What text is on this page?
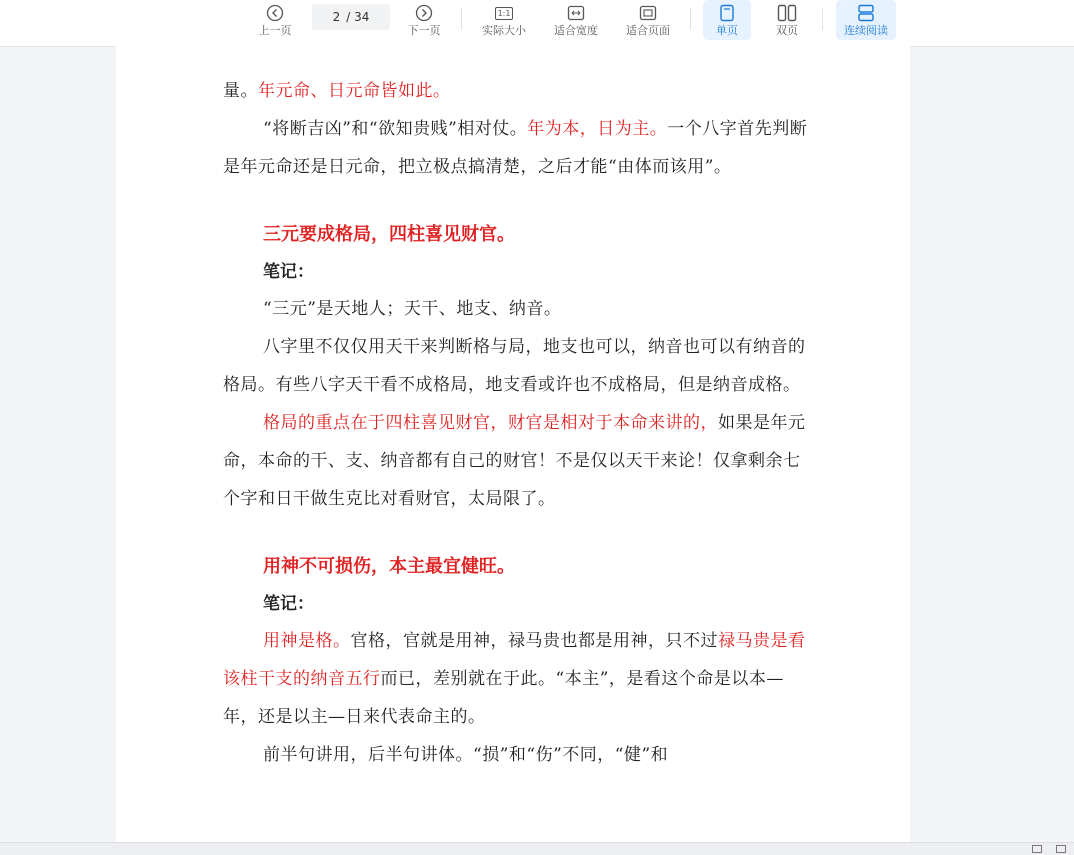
上一页
2 / 34
下一页
1:1
实际大小	适合宽度	适合页面	单页	双页	连续阅读

量。年元命、日元命皆如此。

“将断吉凶”和“欲知贵贱”相对仗。年为本，日为主。一个八字首先判断是年元命还是日元命，把立极点搞清楚，之后才能“由体而该用”。

三元要成格局，四柱喜见财官。

笔记：

“三元”是天地人；天干、地支、纳音。

八字里不仅仅用天干来判断格与局，地支也可以，纳音也可以有纳音的格局。有些八字天干看不成格局，地支看或许也不成格局，但是纳音成格。

格局的重点在于四柱喜见财官，财官是相对于本命来讲的，如果是年元命，本命的干、支、纳音都有自己的财官！不是仅以天干来论！仅拿剩余七个字和日干做生克比对看财官，太局限了。

用神不可损伤，本主最宜健旺。

笔记：

用神是格。官格，官就是用神，禄马贵也都是用神，只不过禄马贵是看该柱干支的纳音五行而已，差别就在于此。“本主”，是看这个命是以本—年，还是以主—日来代表命主的。

前半句讲用，后半句讲体。“损”和“伤”不同，“健”和
